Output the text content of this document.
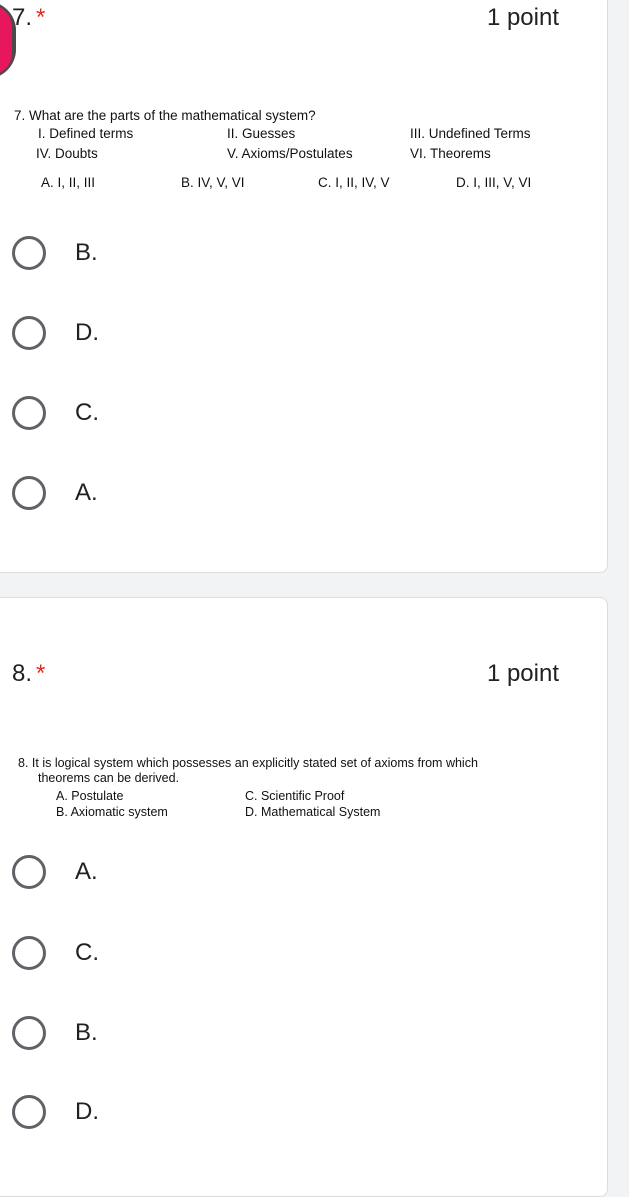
7. *	1 point
7. What are the parts of the mathematical system?
I. Defined terms	II. Guesses	III. Undefined Terms
IV. Doubts	V. Axioms/Postulates	VI. Theorems
A. I, II, III	B. IV, V, VI	C. I, II, IV, V	D. I, III, V, VI
B.
D.
C.
A.
8. *	1 point
8. It is logical system which possesses an explicitly stated set of axioms from which
theorems can be derived.
A. Postulate	C. Scientific Proof
B. Axiomatic system	D. Mathematical System
A.
C.
B.
D.
